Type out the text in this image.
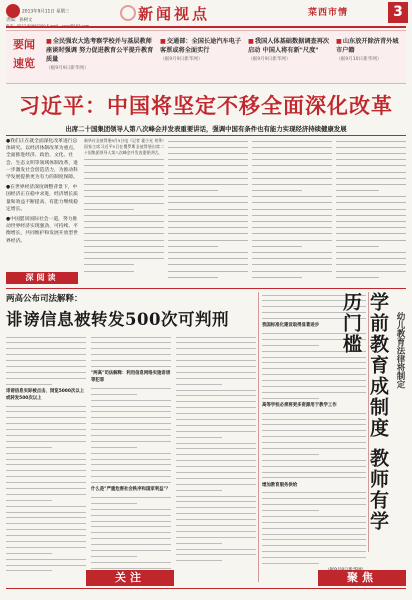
2013年9月11日 星期三
责编：孙树文	新闻视点	菜西市情	3
要闻
速览
■全民强农大选考察学校并与基层教师座谈时强调 努力促进教育公平提升教育质量
（据9月9日新华网）
■交通部：全国长途汽车电子客票或将全面实行
（据9月9日新华网）
■我国人体基础数据调查再次启动 中国人将有新"尺度"
（据9月9日新华网）
■山东放开除济青外城市户籍
（据9月10日新华网）
习近平：中国将坚定不移全面深化改革
出席二十国集团领导人第八次峰会并发表重要讲话，强调中国有条件也有能力实现经济持续健康发展

●我们正在就全面深化改革进行总体研究。以经济体制改革为重点，全面推进经济、政治、文化、社会、生态文明等领域体制改革，进一步激发社会创造活力，为推动科学发展提供更为有力的制度保障。

●在世界经济深度调整背景下，中国经济正在稳中求进，经济增长质量和效益不断提高，有能力继续稳定增长。

●中国愿同国际社会一道，努力推动世界经济实现强劲、可持续、平衡增长，共同维护和发展开放型世界经济。

深阅读
新华社圣彼得堡9月5日电（记者 霍小光 刘华）国家主席习近平5日在俄罗斯圣彼得堡出席二十国集团领导人第八次峰会并发表重要讲话。
两高公布司法解释：
诽谤信息被转发500次可判刑
诽谤信息实际被点击、浏览5000次以上或转发500次以上
"两高"司法解释：利用信息网络实施诽谤等犯罪
什么是"严重危害社会秩序和国家利益"？
我国标准化建设取得显著进步
高等学校必须将更多资源用于教学工作
增加教育服务供给
学前教育成制度 教师有学历门槛	幼儿教育法律将制定
关注	聚焦
